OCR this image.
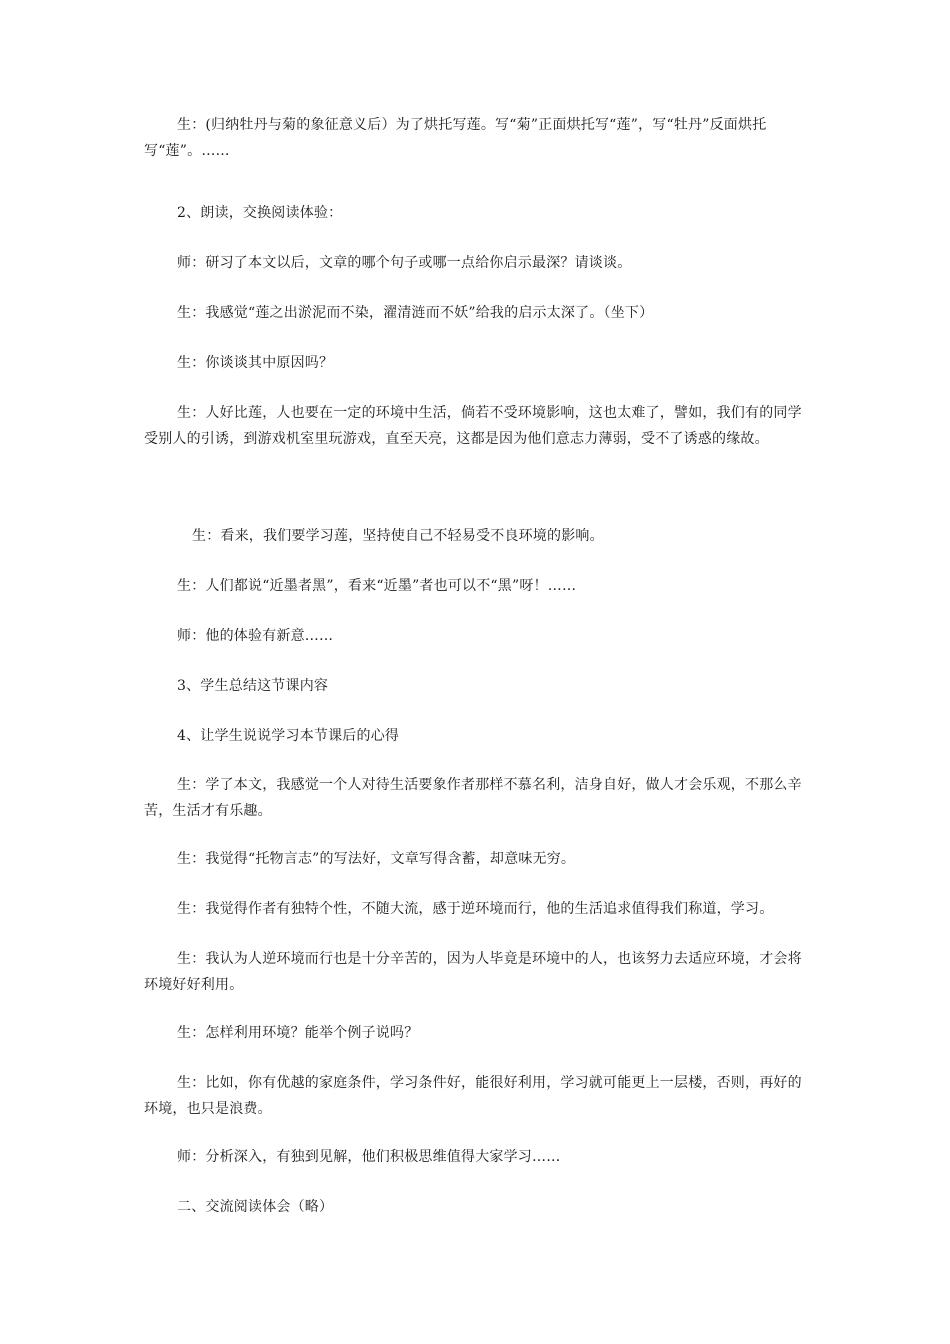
生：(归纳牡丹与菊的象征意义后）为了烘托写莲。写“菊”正面烘托写“莲”，写“牡丹”反面烘托写“莲”。……

2、朗读，交换阅读体验：

师：研习了本文以后，文章的哪个句子或哪一点给你启示最深？请谈谈。

生：我感觉“莲之出淤泥而不染，濯清涟而不妖”给我的启示太深了。（坐下）

生：你谈谈其中原因吗？

生：人好比莲，人也要在一定的环境中生活，倘若不受环境影响，这也太难了，譬如，我们有的同学受别人的引诱，到游戏机室里玩游戏，直至天亮，这都是因为他们意志力薄弱，受不了诱惑的缘故。

生：看来，我们要学习莲，坚持使自己不轻易受不良环境的影响。

生：人们都说“近墨者黑”，看来“近墨”者也可以不“黑”呀！……

师：他的体验有新意……

3、学生总结这节课内容

4、让学生说说学习本节课后的心得

生：学了本文，我感觉一个人对待生活要象作者那样不慕名利，洁身自好，做人才会乐观，不那么辛苦，生活才有乐趣。

生：我觉得“托物言志”的写法好，文章写得含蓄，却意味无穷。

生：我觉得作者有独特个性，不随大流，感于逆环境而行，他的生活追求值得我们称道，学习。

生：我认为人逆环境而行也是十分辛苦的，因为人毕竟是环境中的人，也该努力去适应环境，才会将环境好好利用。

生：怎样利用环境？能举个例子说吗？

生：比如，你有优越的家庭条件，学习条件好，能很好利用，学习就可能更上一层楼，否则，再好的环境，也只是浪费。

师：分析深入，有独到见解，他们积极思维值得大家学习……

二、交流阅读体会（略）
